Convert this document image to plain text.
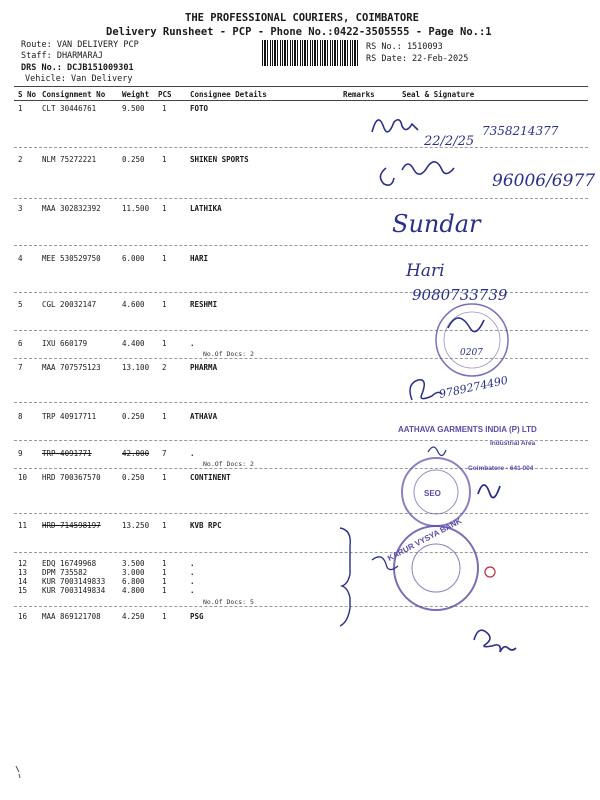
THE PROFESSIONAL COURIERS, COIMBATORE
Delivery Runsheet - PCP - Phone No.:0422-3505555 - Page No.:1
Route: VAN DELIVERY PCP
Staff: DHARMARAJ
DRS No.: DCJB151009301
Vehicle: Van Delivery
RS No.: 1510093
RS Date: 22-Feb-2025
S No Consignment No Weight PCS Consignee Details	Remarks	Seal & Signature
1	CLT 30446761	9.500 1	FOTO
2	NLM 75272221	0.250 1	SHIKEN SPORTS
3	MAA 302832392	11.500 1	LATHIKA
4	MEE 530529750	6.000 1	HARI
5	CGL 20032147	4.600 1	RESHMI
6	IXU 660179	4.400 1	.
No.Of Docs: 2
7	MAA 707575123	13.100 2	PHARMA
8	TRP 40917711	0.250 1	ATHAVA
9	TRP 4091771	42.000 7	.
No.Of Docs: 2
10 HRD 700367570	0.250 1	CONTINENT
11 HRD 714598197	13.250 1	KVB RPC
12 EDQ 16749968	3.500 1	.
13 DPM 735582	3.000 1	.
14 KUR 7003149833 6.800 1	.
15 KUR 7003149834 4.800 1	.
No.Of Docs: 5
16 MAA 869121708	4.250 1	PSG
22/2/25
7358214377
96006/6977
Sundar
Hari
9080733739
0207
9789274490
AATHAVA GARMENTS INDIA (P) LTD
Industrial Area
Coimbatore - 641 004
SEO
KARUR VYSYA BANK
